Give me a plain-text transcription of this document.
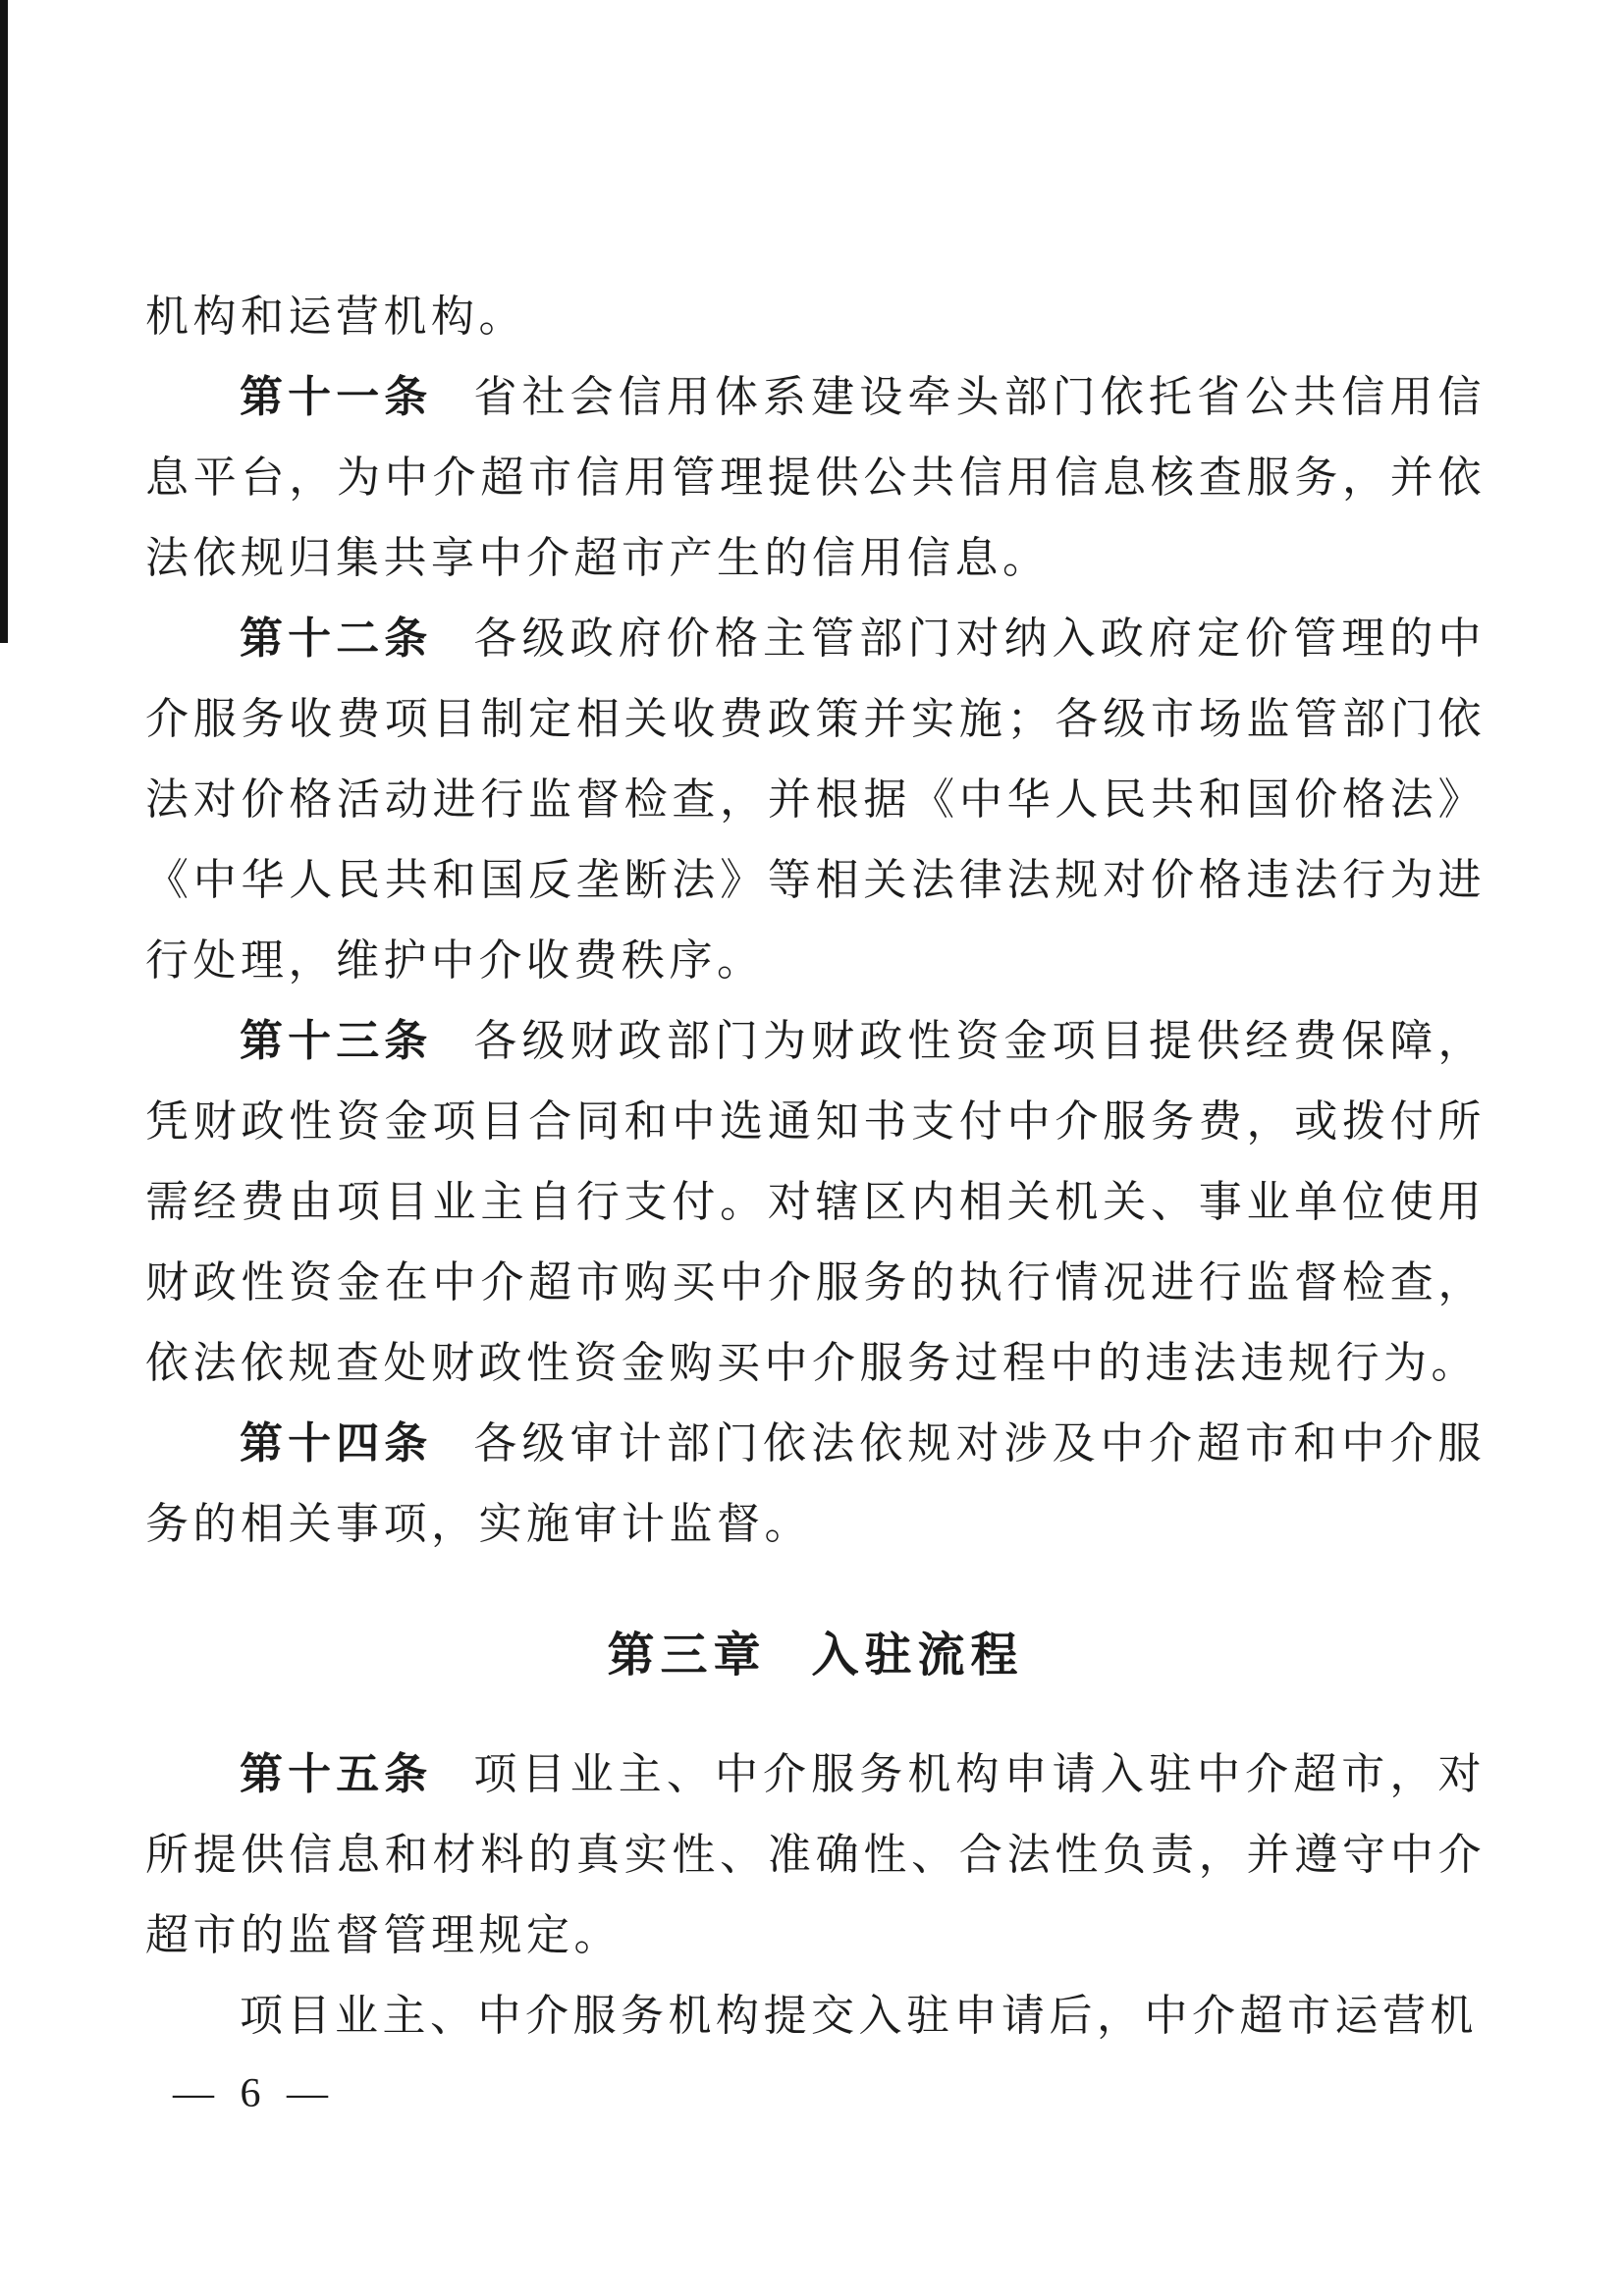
机构和运营机构。

第十一条 省社会信用体系建设牵头部门依托省公共信用信息平台，为中介超市信用管理提供公共信用信息核查服务，并依法依规归集共享中介超市产生的信用信息。

第十二条 各级政府价格主管部门对纳入政府定价管理的中介服务收费项目制定相关收费政策并实施；各级市场监管部门依法对价格活动进行监督检查，并根据《中华人民共和国价格法》《中华人民共和国反垄断法》等相关法律法规对价格违法行为进行处理，维护中介收费秩序。

第十三条 各级财政部门为财政性资金项目提供经费保障，凭财政性资金项目合同和中选通知书支付中介服务费，或拨付所需经费由项目业主自行支付。对辖区内相关机关、事业单位使用财政性资金在中介超市购买中介服务的执行情况进行监督检查，依法依规查处财政性资金购买中介服务过程中的违法违规行为。

第十四条 各级审计部门依法依规对涉及中介超市和中介服务的相关事项，实施审计监督。

第三章 入驻流程

第十五条 项目业主、中介服务机构申请入驻中介超市，对所提供信息和材料的真实性、准确性、合法性负责，并遵守中介超市的监督管理规定。

项目业主、中介服务机构提交入驻申请后，中介超市运营机

— 6 —
